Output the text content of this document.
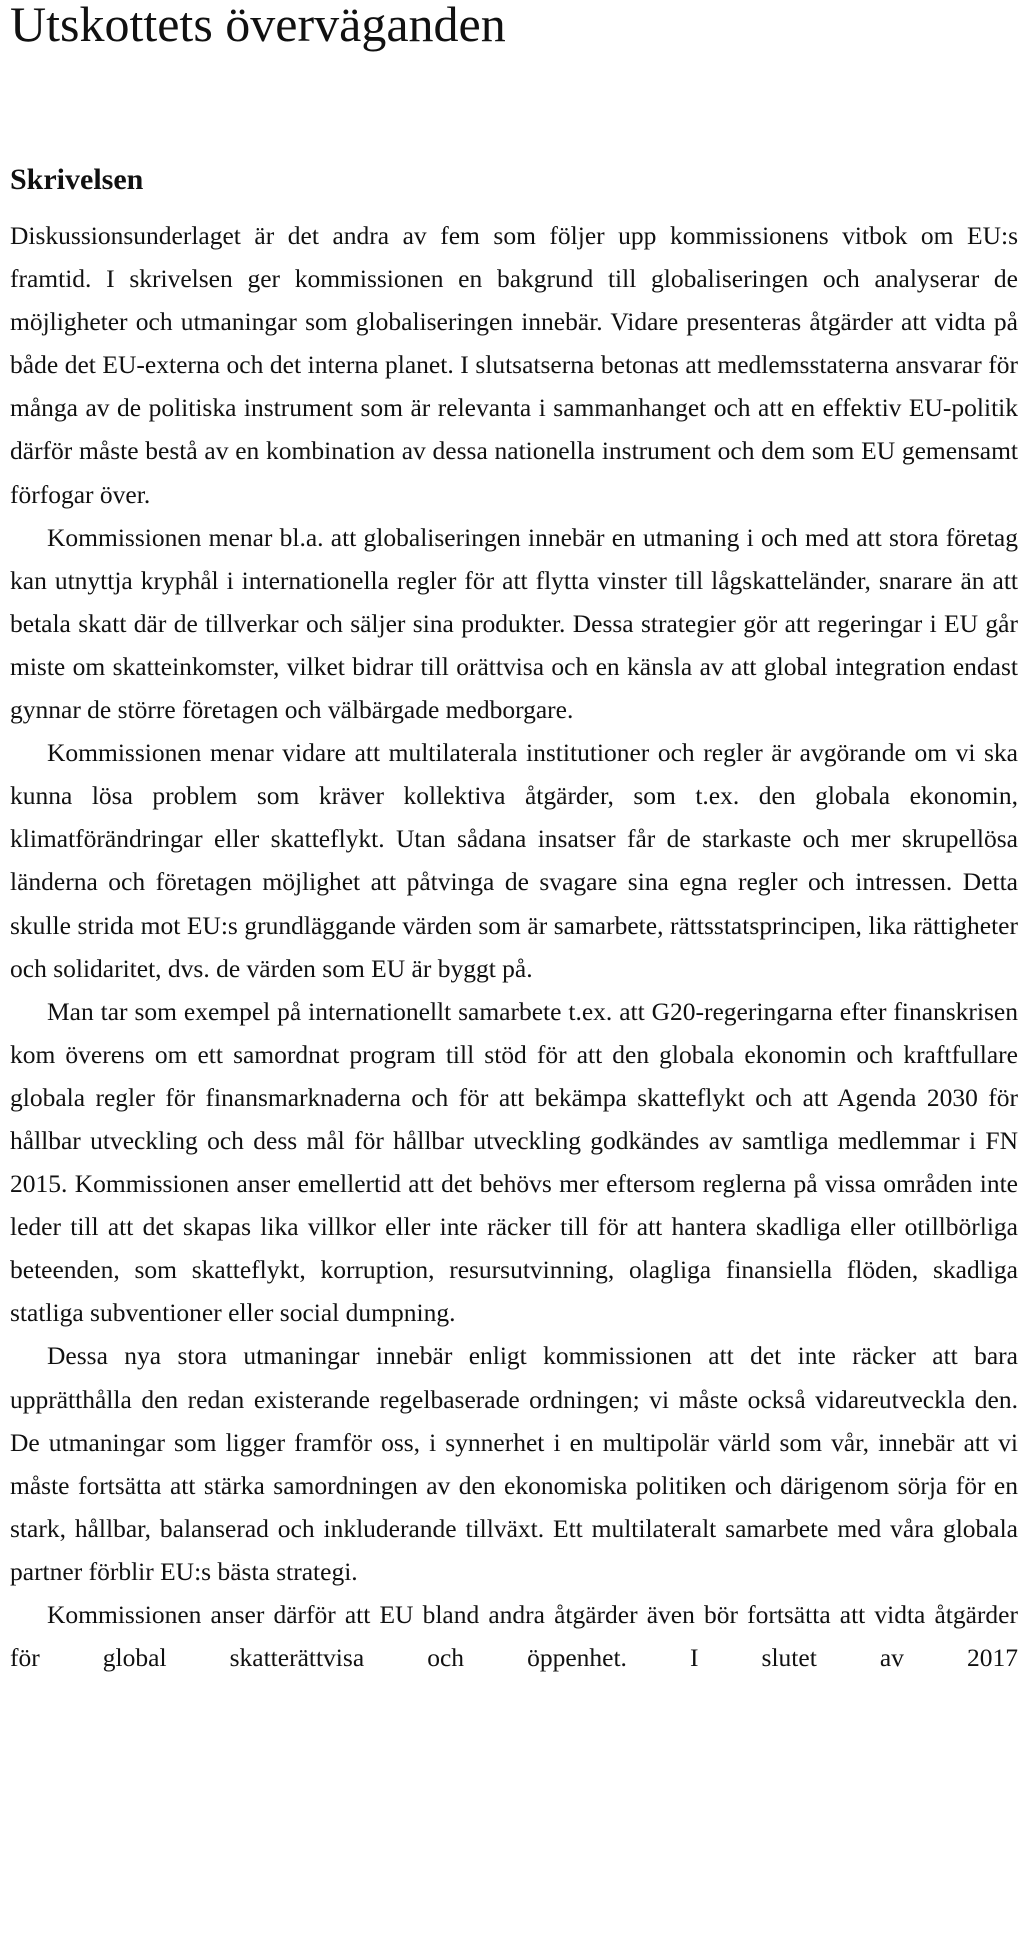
Utskottets överväganden
Skrivelsen

Diskussionsunderlaget är det andra av fem som följer upp kommissionens vitbok om EU:s framtid. I skrivelsen ger kommissionen en bakgrund till globaliseringen och analyserar de möjligheter och utmaningar som globaliseringen innebär. Vidare presenteras åtgärder att vidta på både det EU-externa och det interna planet. I slutsatserna betonas att medlemsstaterna ansvarar för många av de politiska instrument som är relevanta i sammanhanget och att en effektiv EU-politik därför måste bestå av en kombination av dessa nationella instrument och dem som EU gemensamt förfogar över.

Kommissionen menar bl.a. att globaliseringen innebär en utmaning i och med att stora företag kan utnyttja kryphål i internationella regler för att flytta vinster till lågskatteländer, snarare än att betala skatt där de tillverkar och säljer sina produkter. Dessa strategier gör att regeringar i EU går miste om skatteinkomster, vilket bidrar till orättvisa och en känsla av att global integration endast gynnar de större företagen och välbärgade medborgare.

Kommissionen menar vidare att multilaterala institutioner och regler är avgörande om vi ska kunna lösa problem som kräver kollektiva åtgärder, som t.ex. den globala ekonomin, klimatförändringar eller skatteflykt. Utan sådana insatser får de starkaste och mer skrupellösa länderna och företagen möjlighet att påtvinga de svagare sina egna regler och intressen. Detta skulle strida mot EU:s grundläggande värden som är samarbete, rättsstatsprincipen, lika rättigheter och solidaritet, dvs. de värden som EU är byggt på.

Man tar som exempel på internationellt samarbete t.ex. att G20-regeringarna efter finanskrisen kom överens om ett samordnat program till stöd för att den globala ekonomin och kraftfullare globala regler för finansmarknaderna och för att bekämpa skatteflykt och att Agenda 2030 för hållbar utveckling och dess mål för hållbar utveckling godkändes av samtliga medlemmar i FN 2015. Kommissionen anser emellertid att det behövs mer eftersom reglerna på vissa områden inte leder till att det skapas lika villkor eller inte räcker till för att hantera skadliga eller otillbörliga beteenden, som skatteflykt, korruption, resursutvinning, olagliga finansiella flöden, skadliga statliga subventioner eller social dumpning.

Dessa nya stora utmaningar innebär enligt kommissionen att det inte räcker att bara upprätthålla den redan existerande regelbaserade ordningen; vi måste också vidareutveckla den. De utmaningar som ligger framför oss, i synnerhet i en multipolär värld som vår, innebär att vi måste fortsätta att stärka samordningen av den ekonomiska politiken och därigenom sörja för en stark, hållbar, balanserad och inkluderande tillväxt. Ett multilateralt samarbete med våra globala partner förblir EU:s bästa strategi.

Kommissionen anser därför att EU bland andra åtgärder även bör fortsätta att vidta åtgärder för global skatterättvisa och öppenhet. I slutet av 2017
